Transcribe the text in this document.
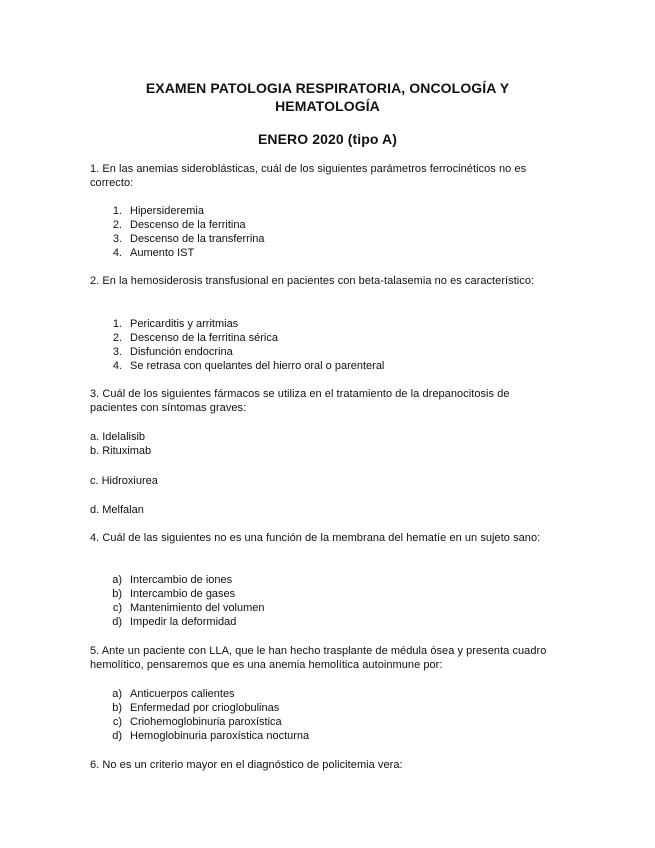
EXAMEN PATOLOGIA RESPIRATORIA, ONCOLOGÍA Y
HEMATOLOGÍA
ENERO 2020 (tipo A)
1. En las anemias sideroblásticas, cuál de los siguientes parámetros ferrocinéticos no es correcto:
1. Hipersideremia
2. Descenso de la ferritina
3. Descenso de la transferrina
4. Aumento IST
2. En la hemosiderosis transfusional en pacientes con beta-talasemia no es característico:
1. Pericarditis y arritmias
2. Descenso de la ferritina sérica
3. Disfunción endocrina
4. Se retrasa con quelantes del hierro oral o parenteral
3. Cuál de los siguientes fármacos se utiliza en el tratamiento de la drepanocitosis de pacientes con síntomas graves:
a. Idelalisib
b. Rituximab
c. Hidroxiurea
d. Melfalan
4. Cuál de las siguientes no es una función de la membrana del hematíe en un sujeto sano:
a) Intercambio de iones
b) Intercambio de gases
c) Mantenimiento del volumen
d) Impedir la deformidad
5. Ante un paciente con LLA, que le han hecho trasplante de médula ósea y presenta cuadro hemolítico, pensaremos que es una anemia hemolítica autoinmune por:
a) Anticuerpos calientes
b) Enfermedad por crioglobulinas
c) Criohemoglobinuria paroxística
d) Hemoglobinuria paroxística nocturna
6. No es un criterio mayor en el diagnóstico de policitemia vera:
